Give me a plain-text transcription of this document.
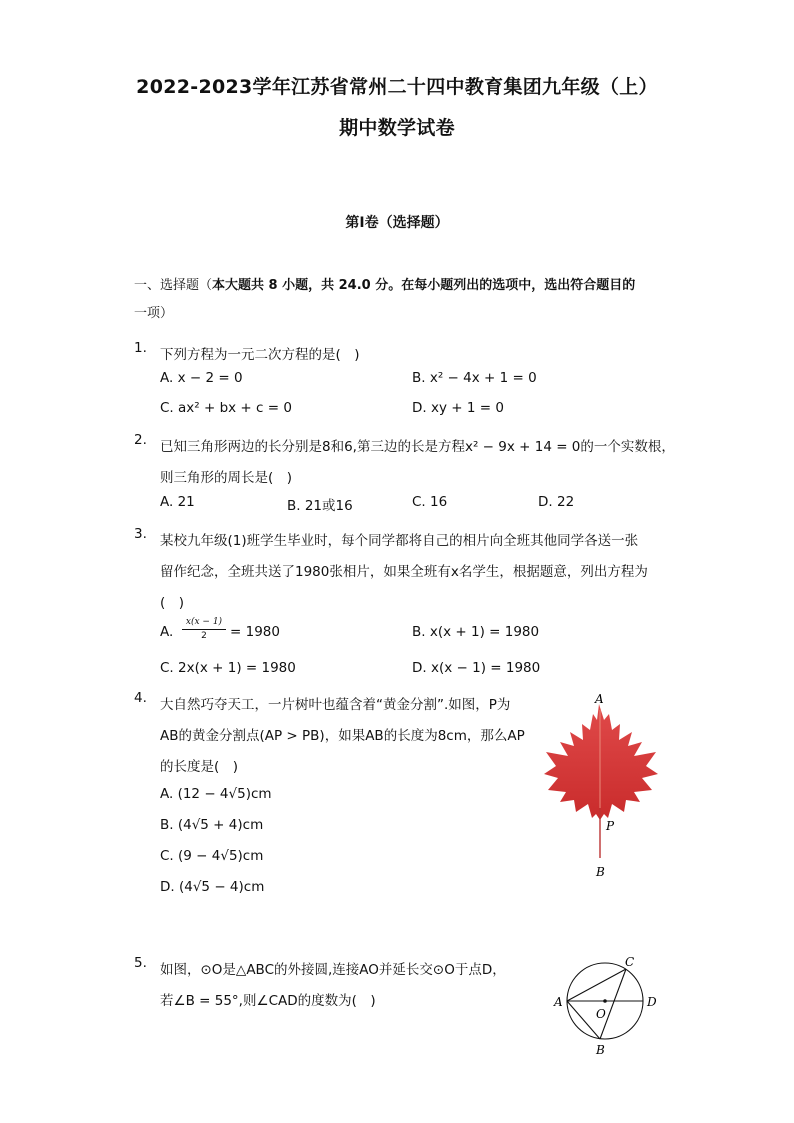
2022-2023学年江苏省常州二十四中教育集团九年级（上）
期中数学试卷
第I卷（选择题）
一、选择题（本大题共 8 小题，共 24.0 分。在每小题列出的选项中，选出符合题目的
一项）
1. 下列方程为一元二次方程的是(　)
A. x − 2 = 0	B. x² − 4x + 1 = 0
C. ax² + bx + c = 0	D. xy + 1 = 0
2. 已知三角形两边的长分别是8和6,第三边的长是方程x² − 9x + 14 = 0的一个实数根，
则三角形的周长是(　)
A. 21	B. 21或16	C. 16	D. 22
3. 某校九年级(1)班学生毕业时，每个同学都将自己的相片向全班其他同学各送一张
留作纪念，全班共送了1980张相片，如果全班有x名学生，根据题意，列出方程为
(　)
A.
x(x − 1)
2	= 1980	B. x(x + 1) = 1980
C. 2x(x + 1) = 1980	D. x(x − 1) = 1980
4. 大自然巧夺天工，一片树叶也蕴含着“黄金分割”.如图，P为
AB的黄金分割点(AP > PB)，如果AB的长度为8cm，那么AP
的长度是(　)
A. (12 − 4√5)cm
B. (4√5 + 4)cm
C. (9 − 4√5)cm
D. (4√5 − 4)cm
A
P
B
5. 如图，⊙O是△ABC的外接圆,连接AO并延长交⊙O于点D，
若∠B = 55°,则∠CAD的度数为(　)	A
B
C
D
O
